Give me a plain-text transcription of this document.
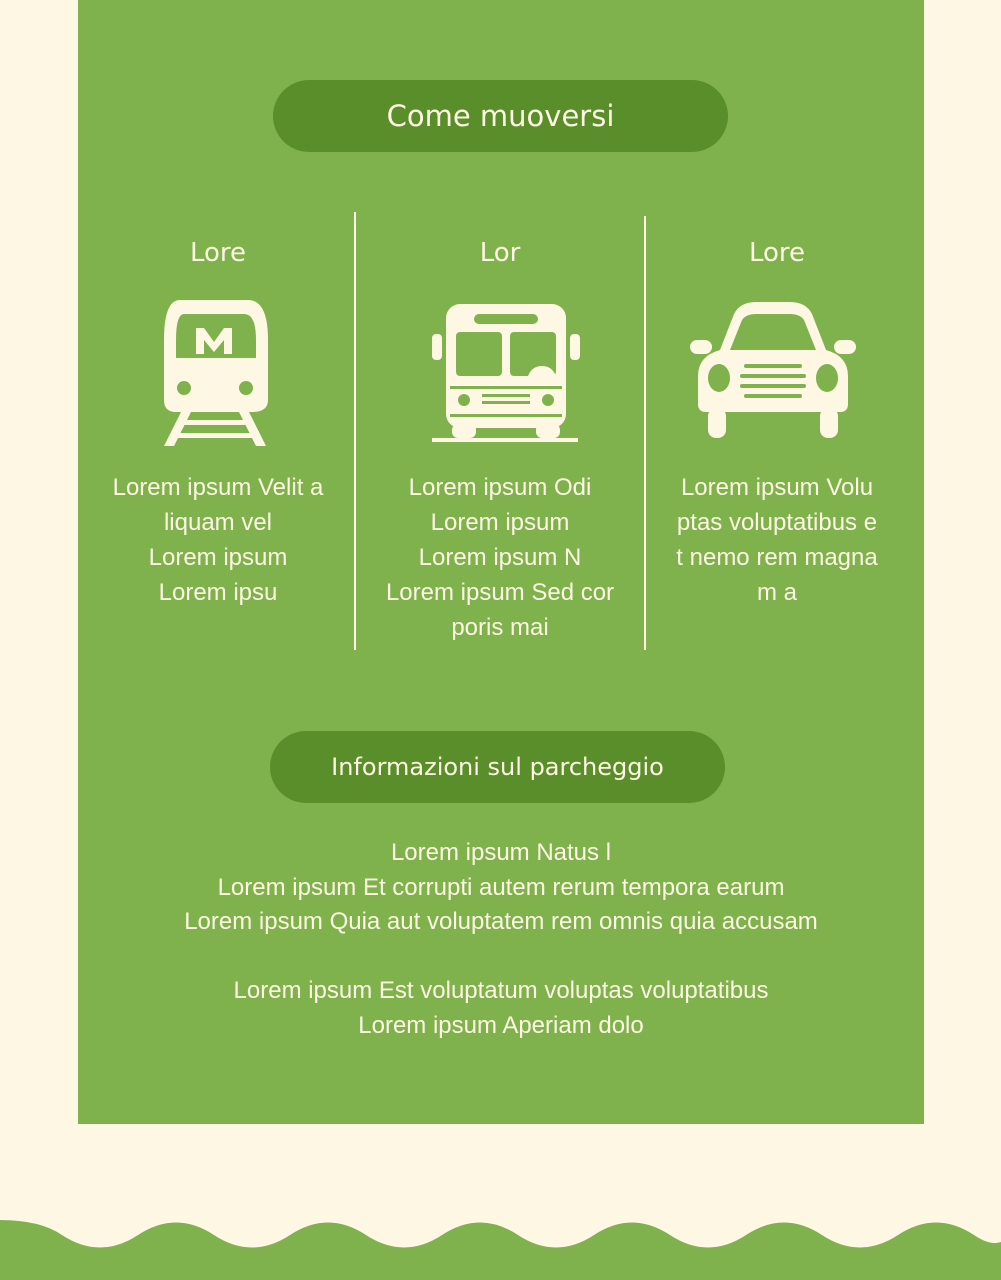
Come muoversi
Lore
Lorem ipsum Velit a
liquam vel
Lorem ipsum
Lorem ipsu
Lor
Lorem ipsum Odi
Lorem ipsum
Lorem ipsum N
Lorem ipsum Sed cor
poris mai
Lore
Lorem ipsum Volu
ptas voluptatibus e
t nemo rem magna
m a
Informazioni sul parcheggio
Lorem ipsum Natus l
Lorem ipsum Et corrupti autem rerum tempora earum
Lorem ipsum Quia aut voluptatem rem omnis quia accusam
Lorem ipsum Est voluptatum voluptas voluptatibus
Lorem ipsum Aperiam dolo
